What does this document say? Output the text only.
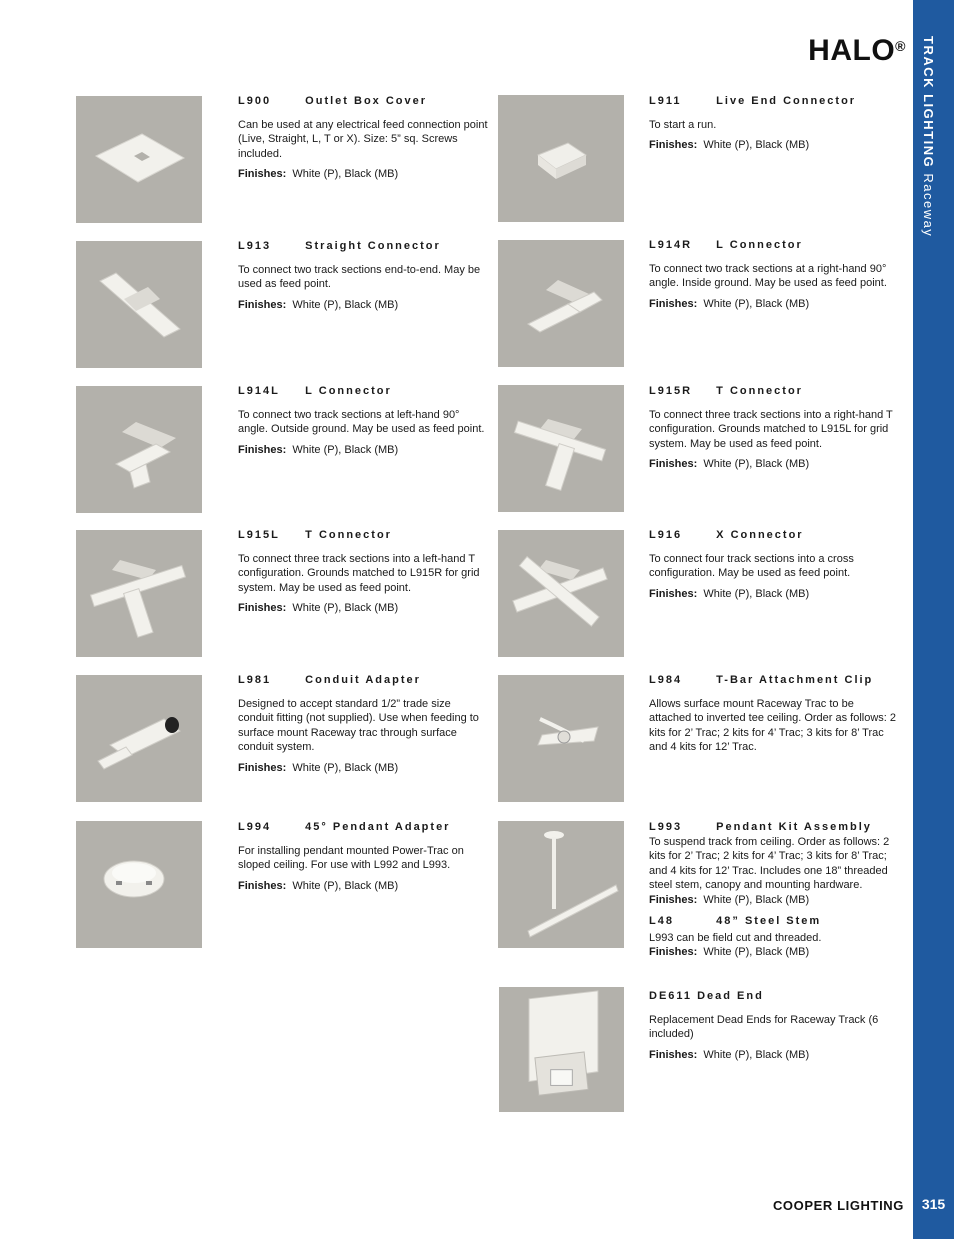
HALO® TRACK LIGHTING Raceway
315
COOPER LIGHTING
L900	Outlet Box Cover

Can be used at any electrical feed connection point (Live, Straight, L, T or X). Size: 5” sq. Screws included.

Finishes: White (P), Black (MB)

L911	Live End Connector

To start a run.

Finishes: White (P), Black (MB)

L913	Straight Connector

To connect two track sections end-to-end. May be used as feed point.

Finishes: White (P), Black (MB)

L914R L Connector

To connect two track sections at a right-hand 90° angle. Inside ground. May be used as feed point.

Finishes: White (P), Black (MB)

L914L L Connector

To connect two track sections at left-hand 90° angle. Outside ground. May be used as feed point.

Finishes: White (P), Black (MB)

L915R T Connector

To connect three track sections into a right-hand T configuration. Grounds matched to L915L for grid system. May be used as feed point.

Finishes: White (P), Black (MB)

L915L T Connector

To connect three track sections into a left-hand T configuration. Grounds matched to L915R for grid system. May be used as feed point.

Finishes: White (P), Black (MB)

L916	X Connector

To connect four track sections into a cross configuration. May be used as feed point.

Finishes: White (P), Black (MB)

L981	Conduit Adapter

Designed to accept standard 1/2” trade size conduit fitting (not supplied). Use when feeding to surface mount Raceway trac through surface conduit system.

Finishes: White (P), Black (MB)

L984	T-Bar Attachment Clip

Allows surface mount Raceway Trac to be attached to inverted tee ceiling. Order as follows: 2 kits for 2’ Trac; 2 kits for 4’ Trac; 3 kits for 8’ Trac and 4 kits for 12’ Trac.

L994	45° Pendant Adapter

For installing pendant mounted Power-Trac on sloped ceiling. For use with L992 and L993.

Finishes: White (P), Black (MB)

L993	Pendant Kit Assembly

To suspend track from ceiling. Order as follows: 2 kits for 2’ Trac; 2 kits for 4’ Trac; 3 kits for 8’ Trac; and 4 kits for 12’ Trac. Includes one 18” threaded steel stem, canopy and mounting hardware.

Finishes: White (P), Black (MB)

L48	48” Steel Stem

L993 can be field cut and threaded.

Finishes: White (P), Black (MB)

DE611 Dead End

Replacement Dead Ends for Raceway Track (6 included)

Finishes: White (P), Black (MB)
